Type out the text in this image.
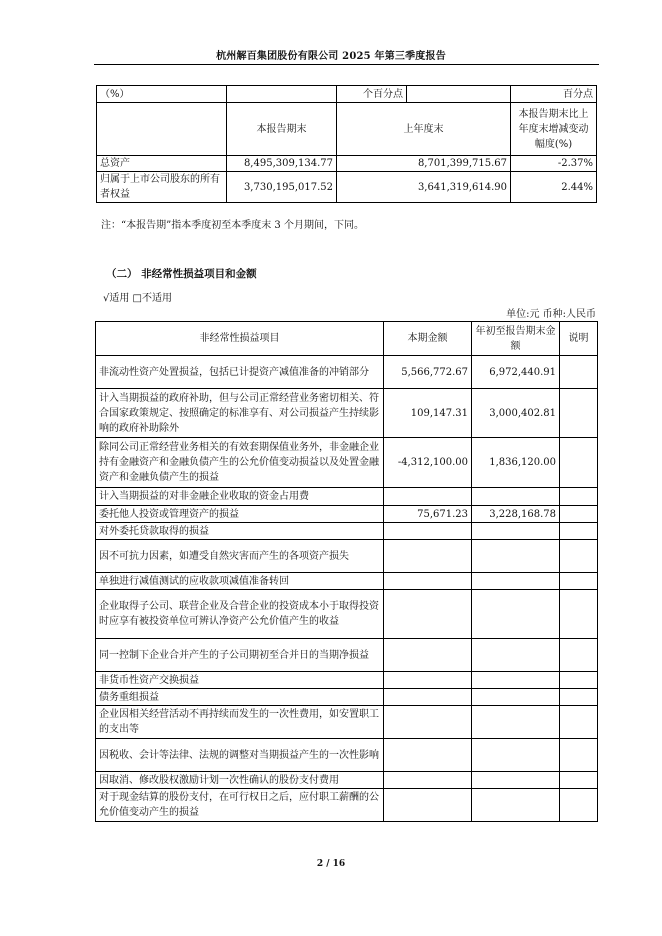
杭州解百集团股份有限公司 2025 年第三季度报告
（%）		个百分点		百分点
	本报告期末	上年度末		本报告期末比上年度末增减变动幅度(%)
总资产	8,495,309,134.77	8,701,399,715.67		-2.37%
归属于上市公司股东的所有者权益	3,730,195,017.52	3,641,319,614.90		2.44%
注：“本报告期”指本季度初至本季度末 3 个月期间，下同。
（二） 非经常性损益项目和金额
√适用 □不适用
单位:元 币种:人民币
非经常性损益项目	本期金额	年初至报告期末金额	说明
非流动性资产处置损益，包括已计提资产减值准备的冲销部分	5,566,772.67	6,972,440.91	
计入当期损益的政府补助，但与公司正常经营业务密切相关、符合国家政策规定、按照确定的标准享有、对公司损益产生持续影响的政府补助除外	109,147.31	3,000,402.81	
除同公司正常经营业务相关的有效套期保值业务外，非金融企业持有金融资产和金融负债产生的公允价值变动损益以及处置金融资产和金融负债产生的损益	-4,312,100.00	1,836,120.00	
计入当期损益的对非金融企业收取的资金占用费			
委托他人投资或管理资产的损益	75,671.23	3,228,168.78	
对外委托贷款取得的损益			
因不可抗力因素，如遭受自然灾害而产生的各项资产损失			
单独进行减值测试的应收款项减值准备转回			
企业取得子公司、联营企业及合营企业的投资成本小于取得投资时应享有被投资单位可辨认净资产公允价值产生的收益			
同一控制下企业合并产生的子公司期初至合并日的当期净损益			
非货币性资产交换损益			
债务重组损益			
企业因相关经营活动不再持续而发生的一次性费用，如安置职工的支出等			
因税收、会计等法律、法规的调整对当期损益产生的一次性影响			
因取消、修改股权激励计划一次性确认的股份支付费用			
对于现金结算的股份支付，在可行权日之后，应付职工薪酬的公允价值变动产生的损益			
2 / 16
